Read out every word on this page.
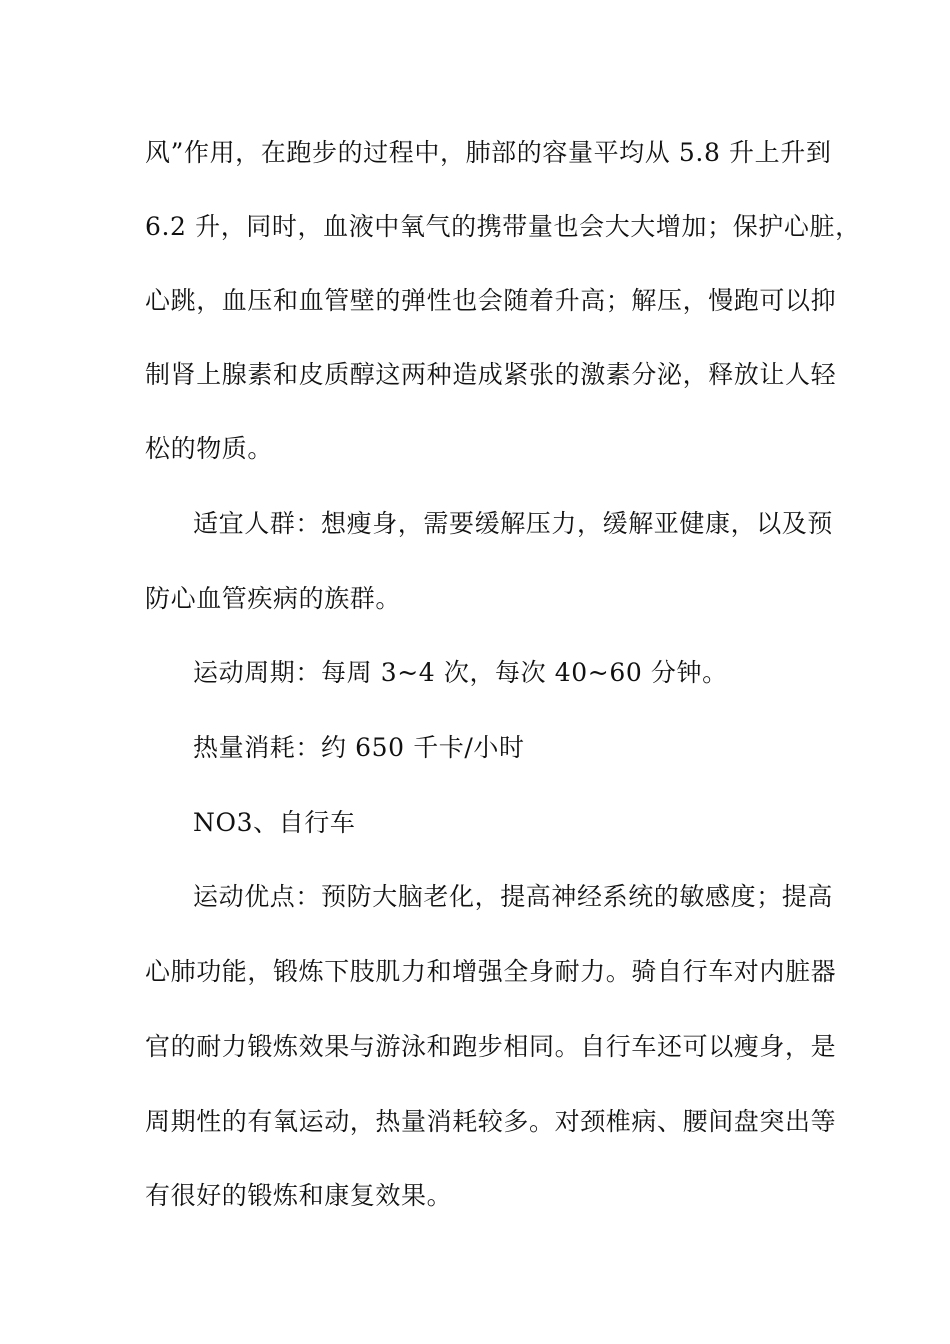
风”作用，在跑步的过程中，肺部的容量平均从 5.8 升上升到
6.2 升，同时，血液中氧气的携带量也会大大增加；保护心脏，
心跳，血压和血管壁的弹性也会随着升高；解压，慢跑可以抑
制肾上腺素和皮质醇这两种造成紧张的激素分泌，释放让人轻
松的物质。
适宜人群：想瘦身，需要缓解压力，缓解亚健康，以及预
防心血管疾病的族群。
运动周期：每周 3~4 次，每次 40~60 分钟。
热量消耗：约 650 千卡/小时
NO3、自行车
运动优点：预防大脑老化，提高神经系统的敏感度；提高
心肺功能，锻炼下肢肌力和增强全身耐力。骑自行车对内脏器
官的耐力锻炼效果与游泳和跑步相同。自行车还可以瘦身，是
周期性的有氧运动，热量消耗较多。对颈椎病、腰间盘突出等
有很好的锻炼和康复效果。
